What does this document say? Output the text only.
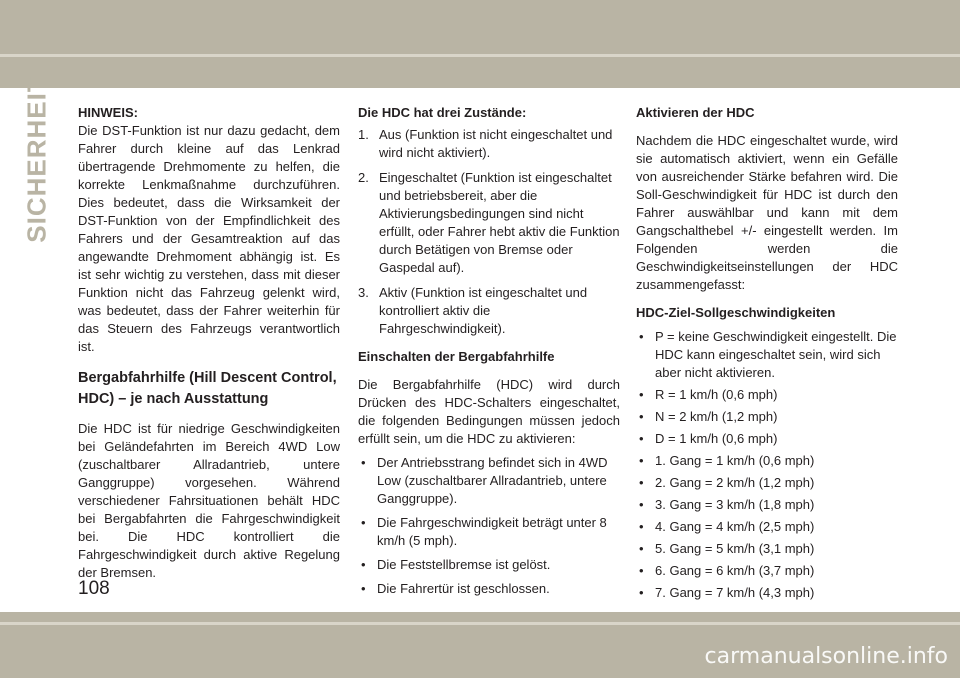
SICHERHEIT HINWEIS:

Die DST-Funktion ist nur dazu gedacht, dem Fahrer durch kleine auf das Lenkrad übertragende Drehmomente zu helfen, die korrekte Lenkmaßnahme durchzuführen. Dies bedeutet, dass die Wirksamkeit der DST-Funktion von der Empfindlichkeit des Fahrers und der Gesamtreaktion auf das angewandte Drehmoment abhängig ist. Es ist sehr wichtig zu verstehen, dass mit dieser Funktion nicht das Fahrzeug gelenkt wird, was bedeutet, dass der Fahrer weiterhin für das Steuern des Fahrzeugs verantwortlich ist.

Bergabfahrhilfe (Hill Descent Control, HDC) – je nach Ausstattung

Die HDC ist für niedrige Geschwindigkeiten bei Geländefahrten im Bereich 4WD Low (zuschaltbarer Allradantrieb, untere Ganggruppe) vorgesehen. Während verschiedener Fahrsituationen behält HDC bei Bergabfahrten die Fahrgeschwindigkeit bei. Die HDC kontrolliert die Fahrgeschwindigkeit durch aktive Regelung der Bremsen.

Die HDC hat drei Zustände:

1. Aus (Funktion ist nicht eingeschaltet und wird nicht aktiviert).
2. Eingeschaltet (Funktion ist eingeschaltet und betriebsbereit, aber die Aktivierungsbedingungen sind nicht erfüllt, oder Fahrer hebt aktiv die Funktion durch Betätigen von Bremse oder Gaspedal auf).
3. Aktiv (Funktion ist eingeschaltet und kontrolliert aktiv die Fahrgeschwindigkeit).

Einschalten der Bergabfahrhilfe

Die Bergabfahrhilfe (HDC) wird durch Drücken des HDC-Schalters eingeschaltet, die folgenden Bedingungen müssen jedoch erfüllt sein, um die HDC zu aktivieren:

• Der Antriebsstrang befindet sich in 4WD Low (zuschaltbarer Allradantrieb, untere Ganggruppe).
• Die Fahrgeschwindigkeit beträgt unter 8 km/h (5 mph).
• Die Feststellbremse ist gelöst.
• Die Fahrertür ist geschlossen.

Aktivieren der HDC

Nachdem die HDC eingeschaltet wurde, wird sie automatisch aktiviert, wenn ein Gefälle von ausreichender Stärke befahren wird. Die Soll-Geschwindigkeit für HDC ist durch den Fahrer auswählbar und kann mit dem Gangschalthebel +/- eingestellt werden. Im Folgenden werden die Geschwindigkeitseinstellungen der HDC zusammengefasst:

HDC-Ziel-Sollgeschwindigkeiten

• P = keine Geschwindigkeit eingestellt. Die HDC kann eingeschaltet sein, wird sich aber nicht aktivieren.
• R = 1 km/h (0,6 mph)
• N = 2 km/h (1,2 mph)
• D = 1 km/h (0,6 mph)
• 1. Gang = 1 km/h (0,6 mph)
• 2. Gang = 2 km/h (1,2 mph)
• 3. Gang = 3 km/h (1,8 mph)
• 4. Gang = 4 km/h (2,5 mph)
• 5. Gang = 5 km/h (3,1 mph)
• 6. Gang = 6 km/h (3,7 mph)
• 7. Gang = 7 km/h (4,3 mph)
108
carmanualsonline.info
